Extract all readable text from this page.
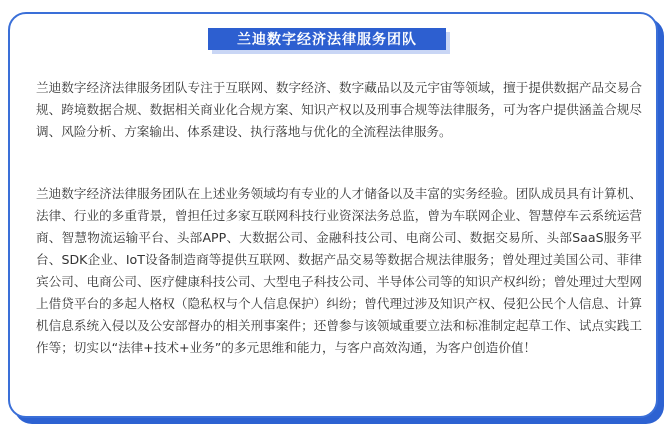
兰迪数字经济法律服务团队

兰迪数字经济法律服务团队专注于互联网、数字经济、数字藏品以及元宇宙等领域，擅于提供数据产品交易合规、跨境数据合规、数据相关商业化合规方案、知识产权以及刑事合规等法律服务，可为客户提供涵盖合规尽调、风险分析、方案输出、体系建设、执行落地与优化的全流程法律服务。

兰迪数字经济法律服务团队在上述业务领域均有专业的人才储备以及丰富的实务经验。团队成员具有计算机、法律、行业的多重背景，曾担任过多家互联网科技行业资深法务总监，曾为车联网企业、智慧停车云系统运营商、智慧物流运输平台、头部APP、大数据公司、金融科技公司、电商公司、数据交易所、头部SaaS服务平台、SDK企业、IoT设备制造商等提供互联网、数据产品交易等数据合规法律服务；曾处理过美国公司、菲律宾公司、电商公司、医疗健康科技公司、大型电子科技公司、半导体公司等的知识产权纠纷；曾处理过大型网上借贷平台的多起人格权（隐私权与个人信息保护）纠纷；曾代理过涉及知识产权、侵犯公民个人信息、计算机信息系统入侵以及公安部督办的相关刑事案件；还曾参与该领域重要立法和标准制定起草工作、试点实践工作等；切实以“法律+技术+业务”的多元思维和能力，与客户高效沟通，为客户创造价值！
